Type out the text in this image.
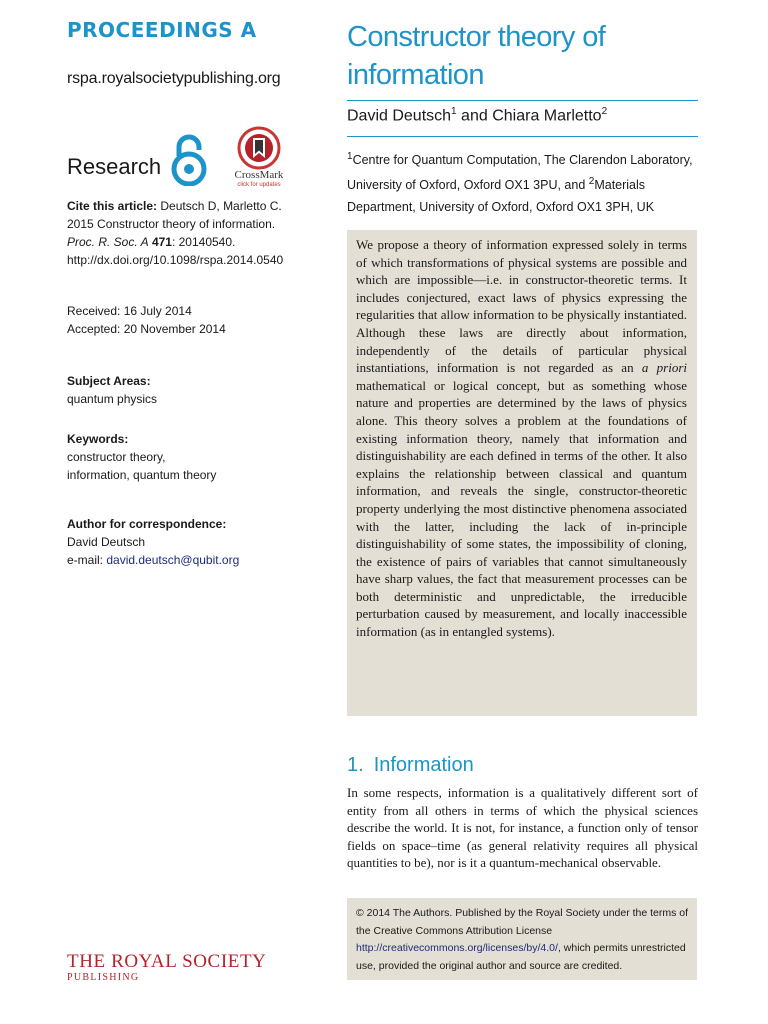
PROCEEDINGS A
rspa.royalsocietypublishing.org
Research	CrossMark
click for updates

Cite this article: Deutsch D, Marletto C. 2015 Constructor theory of information. Proc. R. Soc. A 471: 20140540.

http://dx.doi.org/10.1098/rspa.2014.0540

Received: 16 July 2014

Accepted: 20 November 2014

Subject Areas:

quantum physics

Keywords:

constructor theory, information, quantum theory

Author for correspondence:

David Deutsch

e-mail: david.deutsch@qubit.org

THE ROYAL SOCIETY
PUBLISHING
Constructor theory of information
David Deutsch$^1$ and Chiara Marletto$^2$
$^1$Centre for Quantum Computation, The Clarendon Laboratory, University of Oxford, Oxford OX1 3PU, and $^2$Materials Department, University of Oxford, Oxford OX1 3PH, UK
We propose a theory of information expressed solely in terms of which transformations of physical systems are possible and which are impossible—i.e. in constructor-theoretic terms. It includes conjectured, exact laws of physics expressing the regularities that allow information to be physically instantiated. Although these laws are directly about information, independently of the details of particular physical instantiations, information is not regarded as an a priori mathematical or logical concept, but as something whose nature and properties are determined by the laws of physics alone. This theory solves a problem at the foundations of existing information theory, namely that information and distinguishability are each defined in terms of the other. It also explains the relationship between classical and quantum information, and reveals the single, constructor-theoretic property underlying the most distinctive phenomena associated with the latter, including the lack of in-principle distinguishability of some states, the impossibility of cloning, the existence of pairs of variables that cannot simultaneously have sharp values, the fact that measurement processes can be both deterministic and unpredictable, the irreducible perturbation caused by measurement, and locally inaccessible information (as in entangled systems).
1. Information

In some respects, information is a qualitatively different sort of entity from all others in terms of which the physical sciences describe the world. It is not, for instance, a function only of tensor fields on space–time (as general relativity requires all physical quantities to be), nor is it a quantum-mechanical observable.

© 2014 The Authors. Published by the Royal Society under the terms of the Creative Commons Attribution License http://creativecommons.org/licenses/by/4.0/, which permits unrestricted use, provided the original author and source are credited.
